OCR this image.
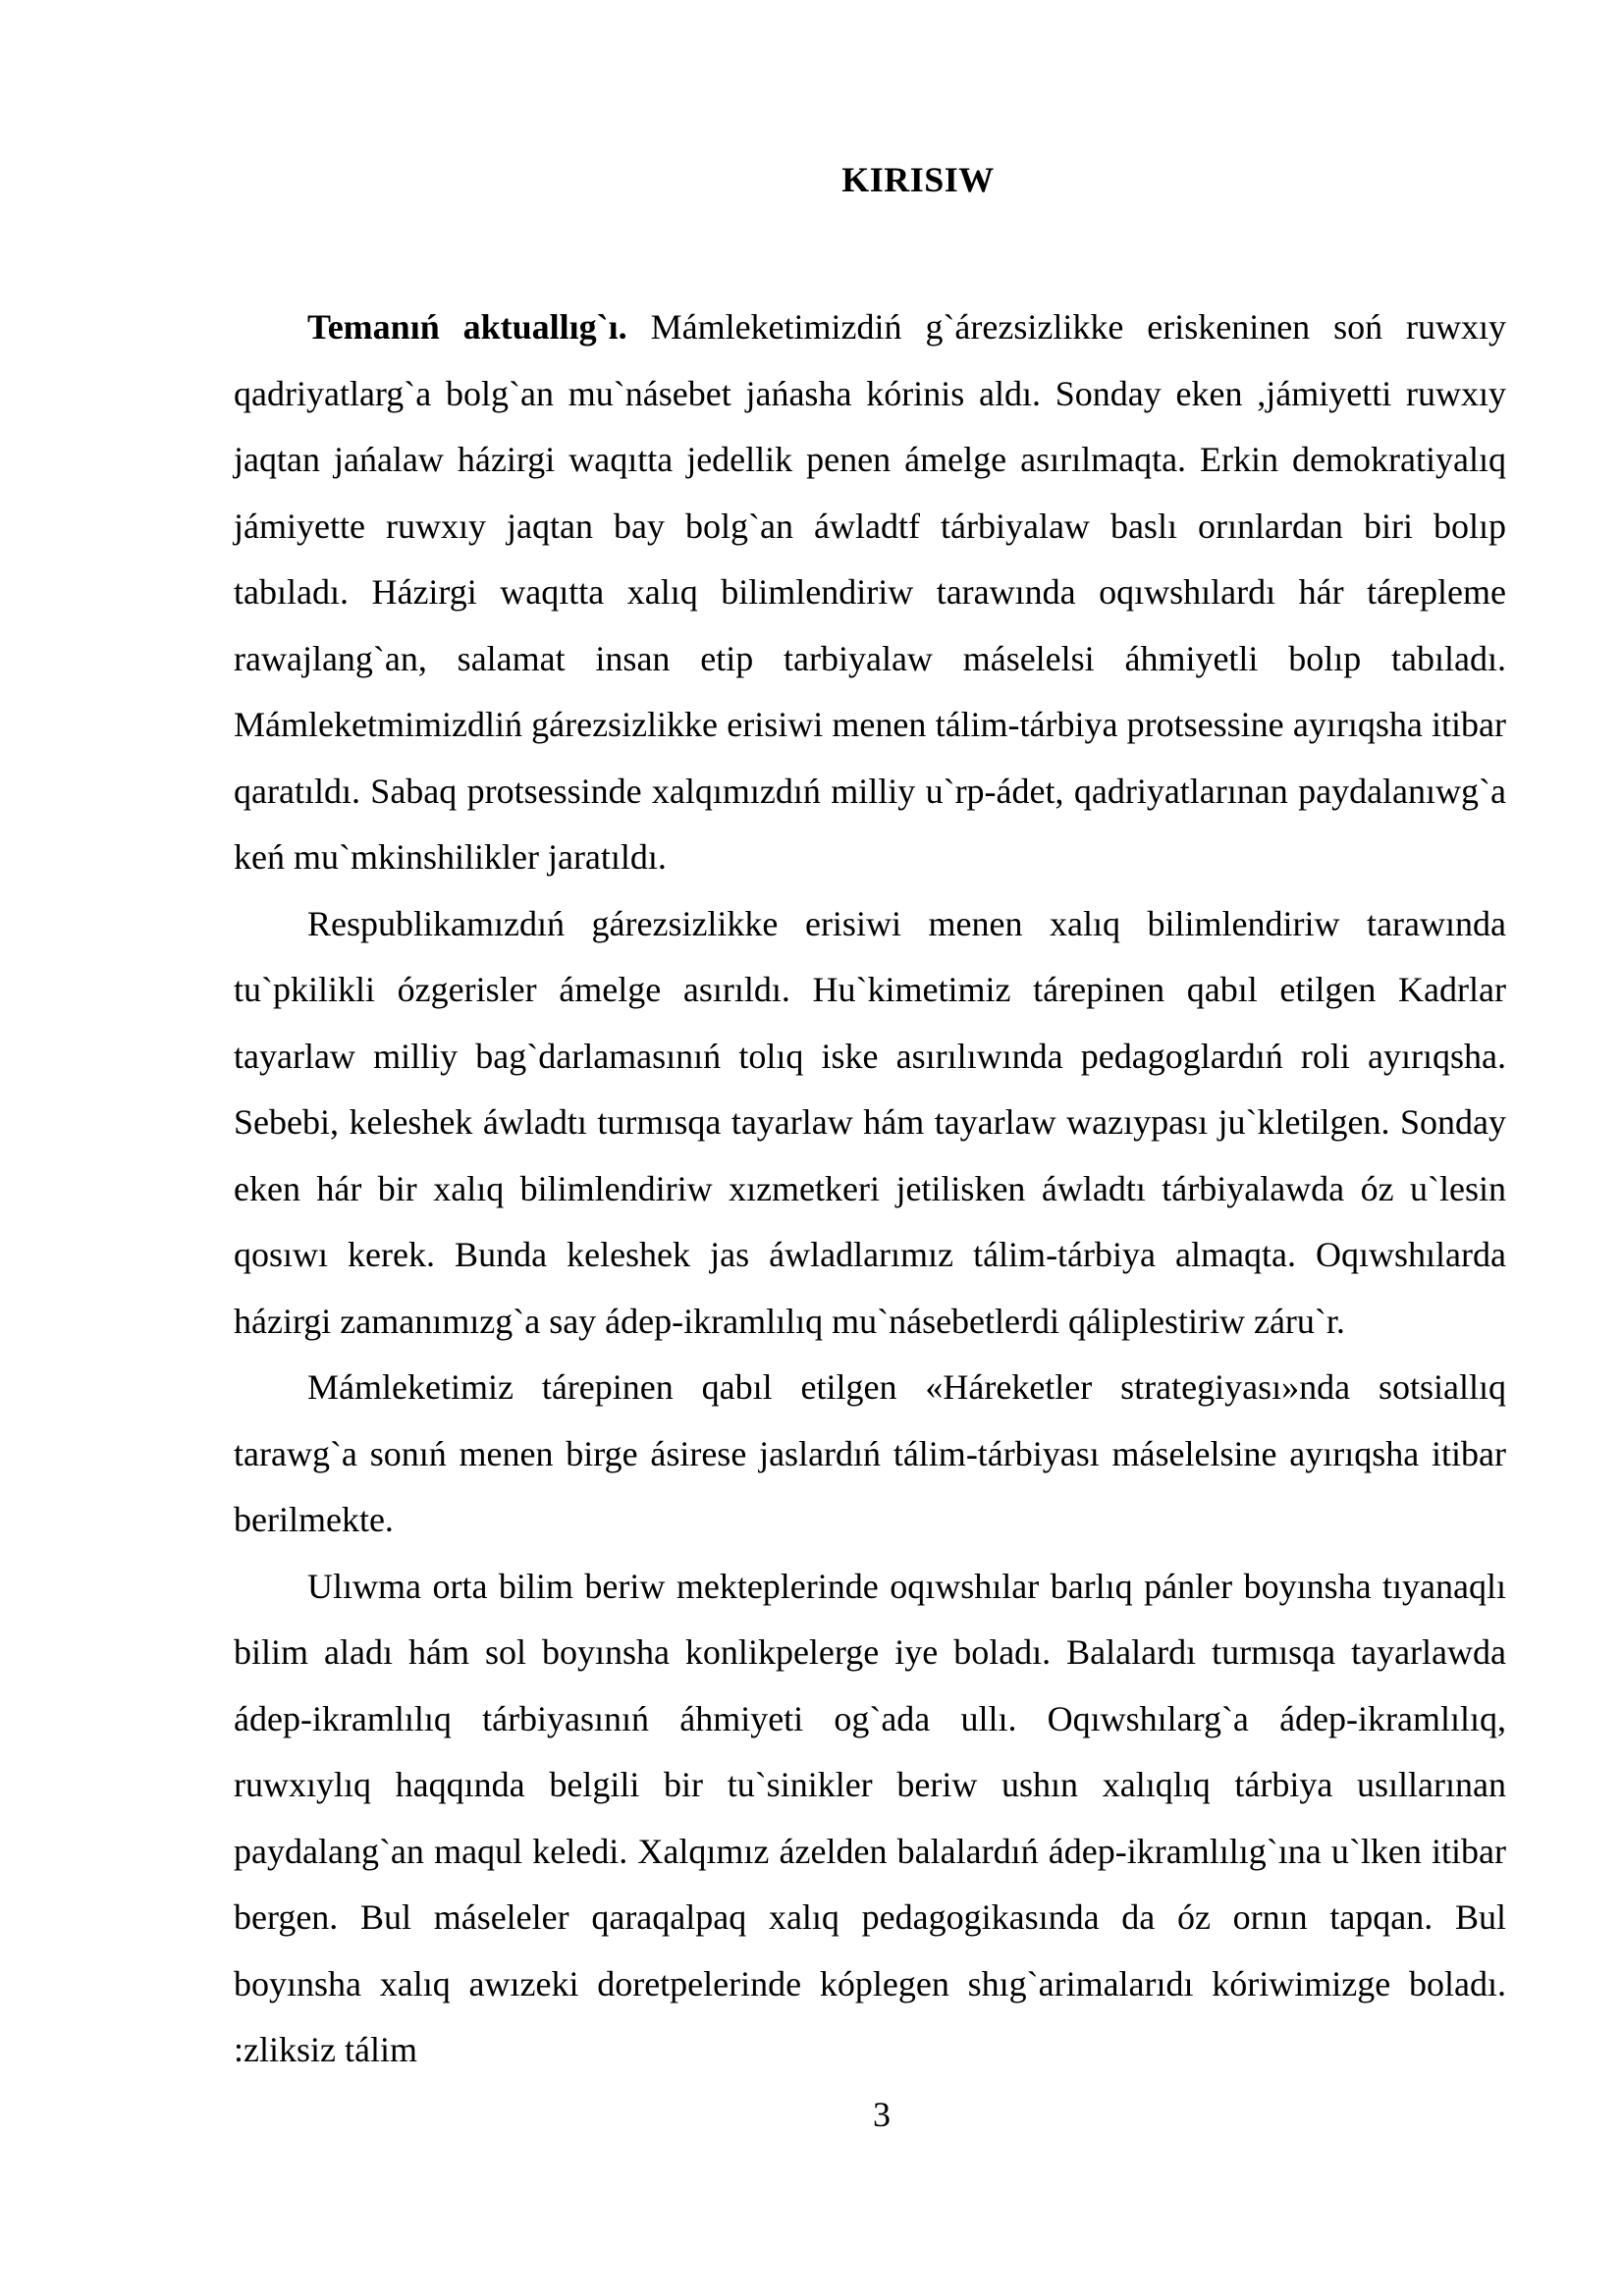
KIRISIW

Temanıń aktuallıg`ı. Mámleketimizdiń g`árezsizlikke eriskeninen soń ruwxıy qadriyatlarg`a bolg`an mu`násebet jańasha kórinis aldı. Sonday eken ,jámiyetti ruwxıy jaqtan jańalaw házirgi waqıtta jedellik penen ámelge asırılmaqta. Erkin demokratiyalıq jámiyette ruwxıy jaqtan bay bolg`an áwladtf tárbiyalaw baslı orınlardan biri bolıp tabıladı. Házirgi waqıtta xalıq bilimlendiriw tarawında oqıwshılardı hár tárepleme rawajlang`an, salamat insan etip tarbiyalaw máselelsi áhmiyetli bolıp tabıladı. Mámleketmimizdliń gárezsizlikke erisiwi menen tálim-tárbiya protsessine ayırıqsha itibar qaratıldı. Sabaq protsessinde xalqımızdıń milliy u`rp-ádet, qadriyatlarınan paydalanıwg`a keń mu`mkinshilikler jaratıldı.

Respublikamızdıń gárezsizlikke erisiwi menen xalıq bilimlendiriw tarawında tu`pkilikli ózgerisler ámelge asırıldı. Hu`kimetimiz tárepinen qabıl etilgen Kadrlar tayarlaw milliy bag`darlamasınıń tolıq iske asırılıwında pedagoglardıń roli ayırıqsha. Sebebi, keleshek áwladtı turmısqa tayarlaw hám tayarlaw wazıypası ju`kletilgen. Sonday eken hár bir xalıq bilimlendiriw xızmetkeri jetilisken áwladtı tárbiyalawda óz u`lesin qosıwı kerek. Bunda keleshek jas áwladlarımız tálim-tárbiya almaqta. Oqıwshılarda házirgi zamanımızg`a say ádep-ikramlılıq mu`násebetlerdi qáliplestiriw záru`r.

Mámleketimiz tárepinen qabıl etilgen «Háreketler strategiyası»nda sotsiallıq tarawg`a sonıń menen birge ásirese jaslardıń tálim-tárbiyası máselelsine ayırıqsha itibar berilmekte.

Ulıwma orta bilim beriw mekteplerinde oqıwshılar barlıq pánler boyınsha tıyanaqlı bilim aladı hám sol boyınsha konlikpelerge iye boladı. Balalardı turmısqa tayarlawda ádep-ikramlılıq tárbiyasınıń áhmiyeti og`ada ullı. Oqıwshılarg`a ádep-ikramlılıq, ruwxıylıq haqqında belgili bir tu`sinikler beriw ushın xalıqlıq tárbiya usıllarınan paydalang`an maqul keledi. Xalqımız ázelden balalardıń ádep-ikramlılıg`ına u`lken itibar bergen. Bul máseleler qaraqalpaq xalıq pedagogikasında da óz ornın tapqan. Bul boyınsha xalıq awızeki doretpelerinde kóplegen shıg`arimalarıdı kóriwimizge boladı. :zliksiz tálim

3
